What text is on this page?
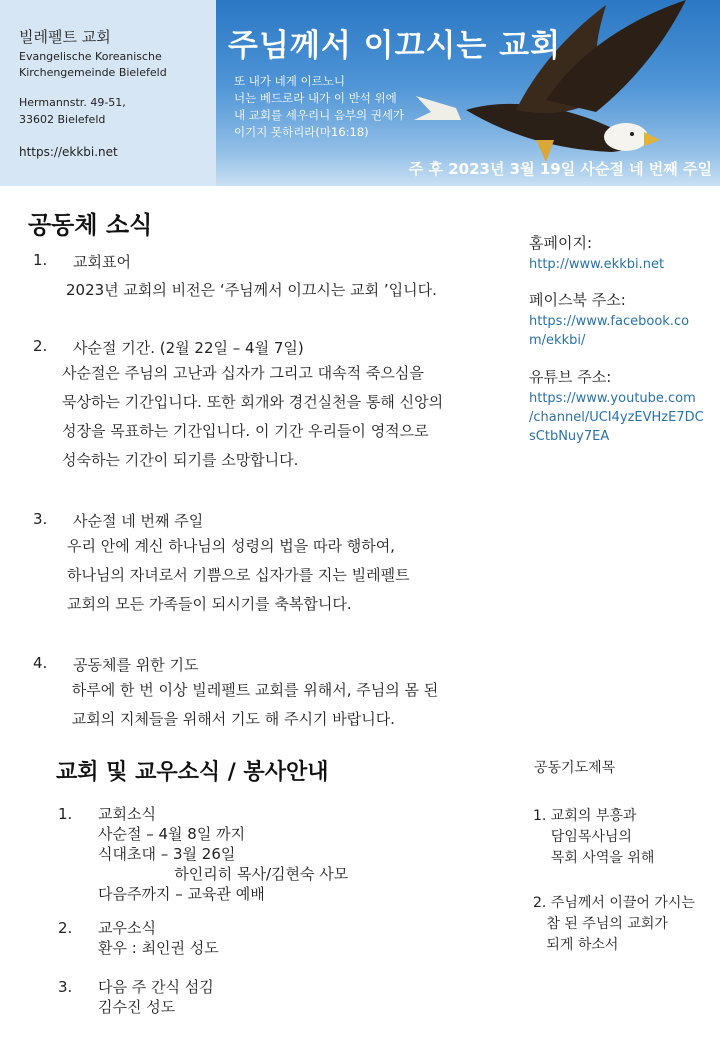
빌레펠트 교회
Evangelische Koreanische
Kirchengemeinde Bielefeld
Hermannstr. 49-51,
33602 Bielefeld
https://ekkbi.net
주님께서 이끄시는 교회
또 내가 네게 이르노니
너는 베드로라 내가 이 반석 위에
내 교회를 세우리니 음부의 권세가
이기지 못하리라(마16:18)
주 후 2023년 3월 19일 사순절 네 번째 주일
공동체 소식
1. 교회표어
2023년 교회의 비전은 ‘주님께서 이끄시는 교회 ’입니다.
2. 사순절 기간. (2월 22일 – 4월 7일)
사순절은 주님의 고난과 십자가 그리고 대속적 죽으심을
묵상하는 기간입니다. 또한 회개와 경건실천을 통해 신앙의
성장을 목표하는 기간입니다. 이 기간 우리들이 영적으로
성숙하는 기간이 되기를 소망합니다.
3. 사순절 네 번째 주일
우리 안에 계신 하나님의 성령의 법을 따라 행하여,
하나님의 자녀로서 기쁨으로 십자가를 지는 빌레펠트
교회의 모든 가족들이 되시기를 축복합니다.
4. 공동체를 위한 기도
하루에 한 번 이상 빌레펠트 교회를 위해서, 주님의 몸 된
교회의 지체들을 위해서 기도 해 주시기 바랍니다.
홈페이지:
http://www.ekkbi.net
페이스북 주소:
https://www.facebook.co
m/ekkbi/
유튜브 주소:
https://www.youtube.com
/channel/UCI4yzEVHzE7DC
sCtbNuy7EA
교회 및 교우소식 / 봉사안내
1. 교회소식
사순절 – 4월 8일 까지
식대초대 – 3월 26일
하인리히 목사/김현숙 사모
다음주까지 – 교육관 예배
2. 교우소식
환우 : 최인권 성도
3. 다음 주 간식 섬김
김수진 성도
공동기도제목
1. 교회의 부흥과
담임목사님의
목회 사역을 위해
2. 주님께서 이끌어 가시는
참 된 주님의 교회가
되게 하소서
